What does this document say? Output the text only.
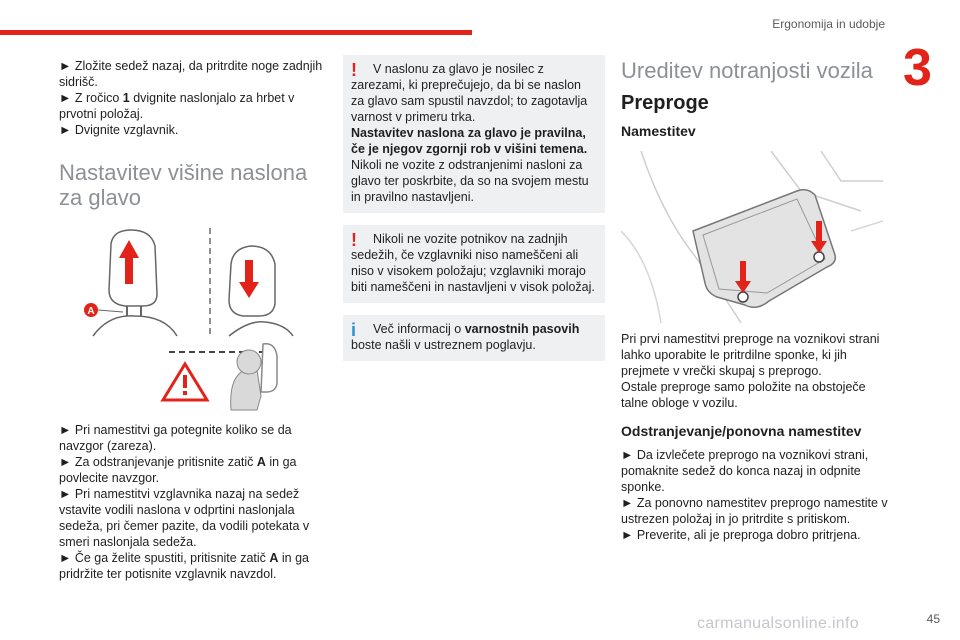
Ergonomija in udobje
3

► Zložite sedež nazaj, da pritrdite noge zadnjih sidrišč.

► Z ročico 1 dvignite naslonjalo za hrbet v prvotni položaj.

► Dvignite vzglavnik.

Nastavitev višine naslona za glavo
A

► Pri namestitvi ga potegnite koliko se da navzgor (zareza).

► Za odstranjevanje pritisnite zatič A in ga povlecite navzgor.

► Pri namestitvi vzglavnika nazaj na sedež vstavite vodili naslona v odprtini naslonjala sedeža, pri čemer pazite, da vodili potekata v smeri naslonjala sedeža.

► Če ga želite spustiti, pritisnite zatič A in ga pridržite ter potisnite vzglavnik navzdol.

!	V naslonu za glavo je nosilec z zarezami, ki preprečujejo, da bi se naslon za glavo sam spustil navzdol; to zagotavlja varnost v primeru trka.

Nastavitev naslona za glavo je pravilna, če je njegov zgornji rob v višini temena.

Nikoli ne vozite z odstranjenimi nasloni za glavo ter poskrbite, da so na svojem mestu in pravilno nastavljeni.

!	Nikoli ne vozite potnikov na zadnjih sedežih, če vzglavniki niso nameščeni ali niso v visokem položaju; vzglavniki morajo biti nameščeni in nastavljeni v visok položaj.

i	Več informacij o varnostnih pasovih boste našli v ustreznem poglavju.

Ureditev notranjosti vozila
Preproge
Namestitev

Pri prvi namestitvi preproge na voznikovi strani lahko uporabite le pritrdilne sponke, ki jih prejmete v vrečki skupaj s preprogo.

Ostale preproge samo položite na obstoječe talne obloge v vozilu.

Odstranjevanje/ponovna namestitev

► Da izvlečete preprogo na voznikovi strani, pomaknite sedež do konca nazaj in odpnite sponke.

► Za ponovno namestitev preprogo namestite v ustrezen položaj in jo pritrdite s pritiskom.

► Preverite, ali je preproga dobro pritrjena.

45
carmanualsonline.info
